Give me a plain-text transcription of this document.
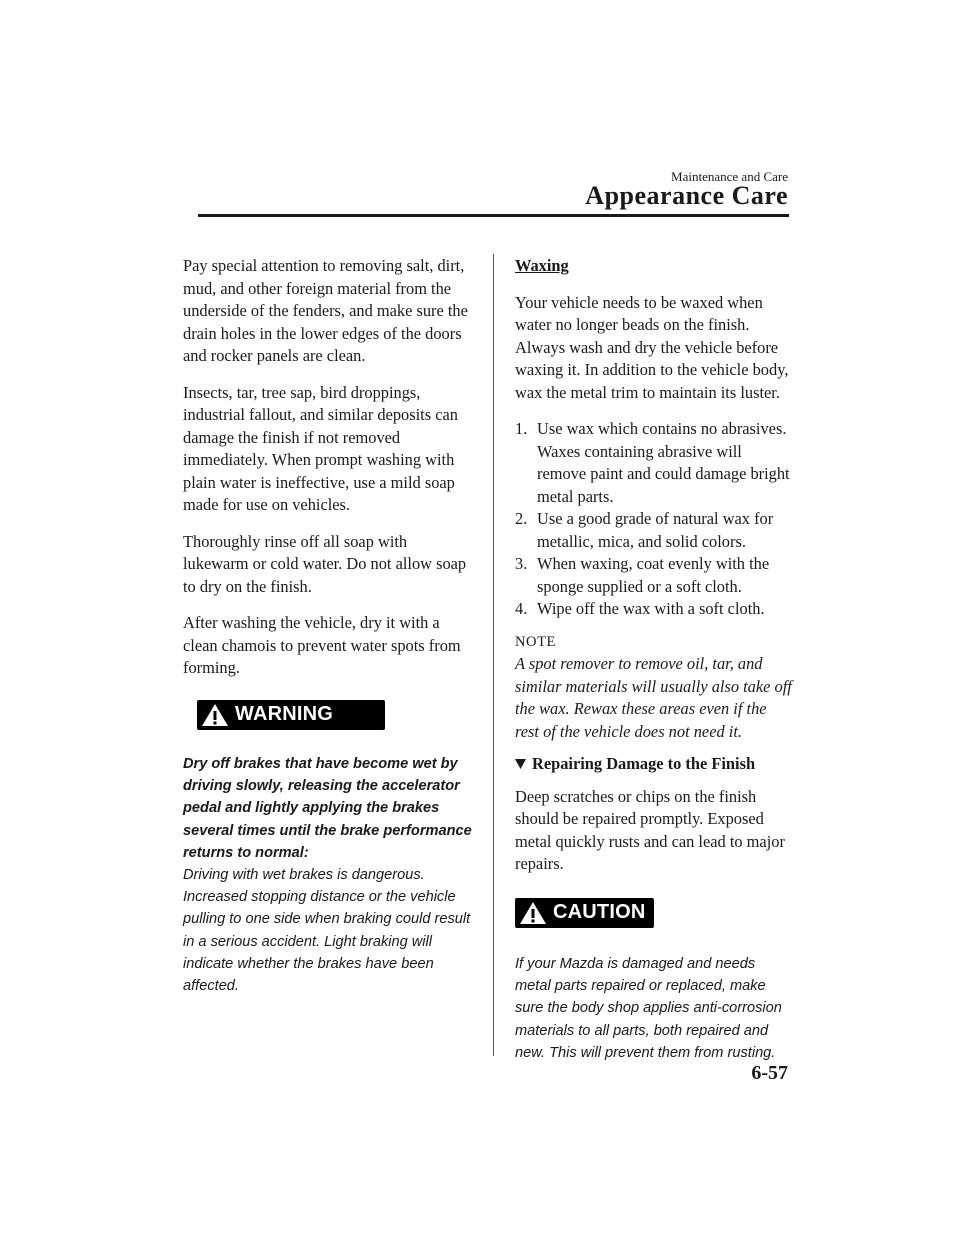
Maintenance and Care
Appearance Care

Pay special attention to removing salt, dirt, mud, and other foreign material from the underside of the fenders, and make sure the drain holes in the lower edges of the doors and rocker panels are clean.

Insects, tar, tree sap, bird droppings, industrial fallout, and similar deposits can damage the finish if not removed immediately. When prompt washing with plain water is ineffective, use a mild soap made for use on vehicles.

Thoroughly rinse off all soap with lukewarm or cold water. Do not allow soap to dry on the finish.

After washing the vehicle, dry it with a clean chamois to prevent water spots from forming.

WARNING
Dry off brakes that have become wet by driving slowly, releasing the accelerator pedal and lightly applying the brakes several times until the brake performance returns to normal:
Driving with wet brakes is dangerous. Increased stopping distance or the vehicle pulling to one side when braking could result in a serious accident. Light braking will indicate whether the brakes have been affected.
Waxing

Your vehicle needs to be waxed when water no longer beads on the finish. Always wash and dry the vehicle before waxing it. In addition to the vehicle body, wax the metal trim to maintain its luster.

1. Use wax which contains no abrasives. Waxes containing abrasive will remove paint and could damage bright metal parts.
2. Use a good grade of natural wax for metallic, mica, and solid colors.
3. When waxing, coat evenly with the sponge supplied or a soft cloth.
4. Wipe off the wax with a soft cloth.
NOTE
A spot remover to remove oil, tar, and similar materials will usually also take off the wax. Rewax these areas even if the rest of the vehicle does not need it.
Repairing Damage to the Finish

Deep scratches or chips on the finish should be repaired promptly. Exposed metal quickly rusts and can lead to major repairs.

CAUTION
If your Mazda is damaged and needs metal parts repaired or replaced, make sure the body shop applies anti-corrosion materials to all parts, both repaired and new. This will prevent them from rusting.
6-57
